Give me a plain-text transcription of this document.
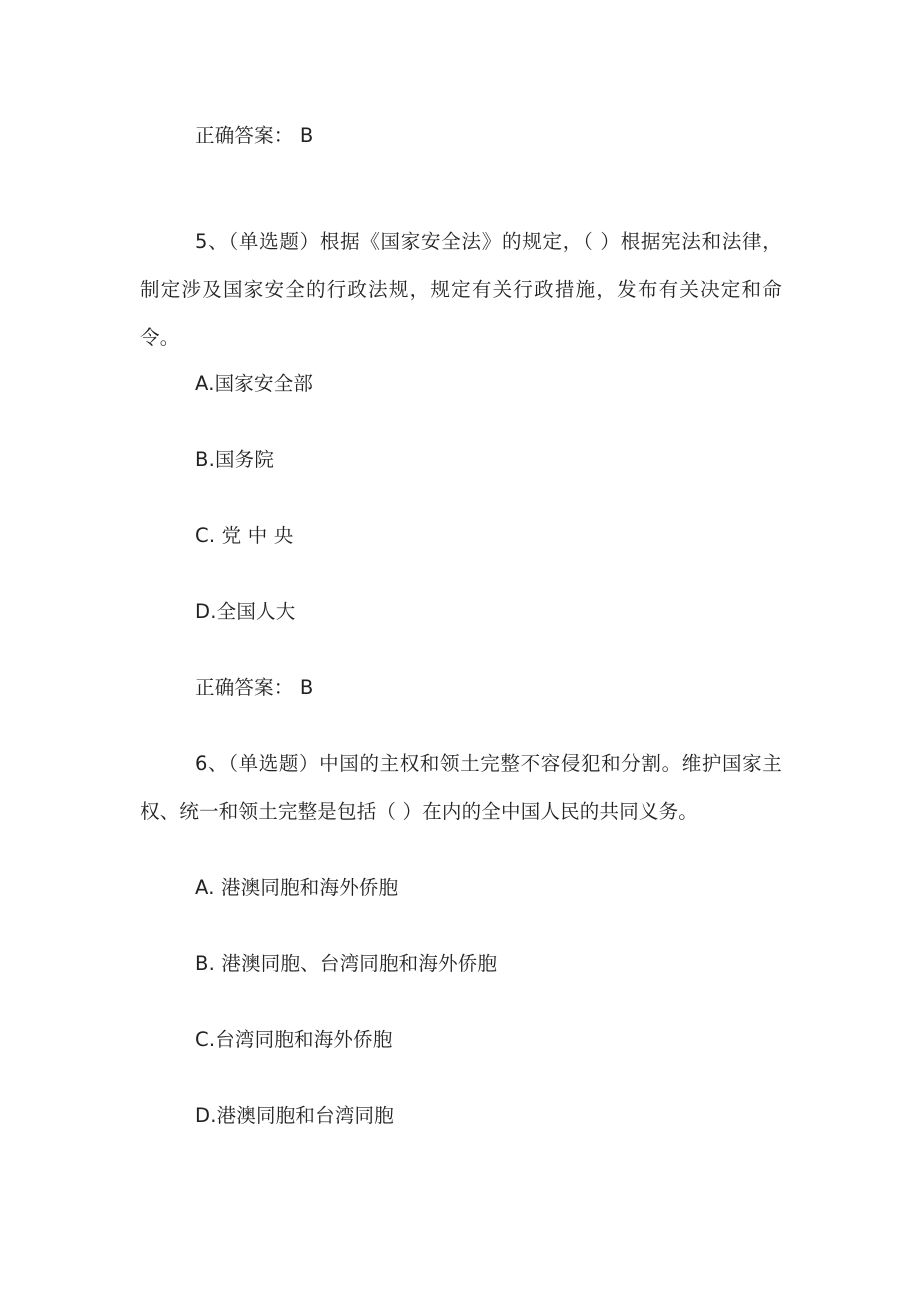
正确答案： B
5、（单选题）根据《国家安全法》的规定，（ ）根据宪法和法律，制定涉及国家安全的行政法规，规定有关行政措施，发布有关决定和命令。
A.国家安全部
B.国务院
C. 党 中 央
D.全国人大
正确答案： B
6、（单选题）中国的主权和领土完整不容侵犯和分割。维护国家主权、统一和领土完整是包括（ ）在内的全中国人民的共同义务。
A. 港澳同胞和海外侨胞
B. 港澳同胞、台湾同胞和海外侨胞
C.台湾同胞和海外侨胞
D.港澳同胞和台湾同胞
